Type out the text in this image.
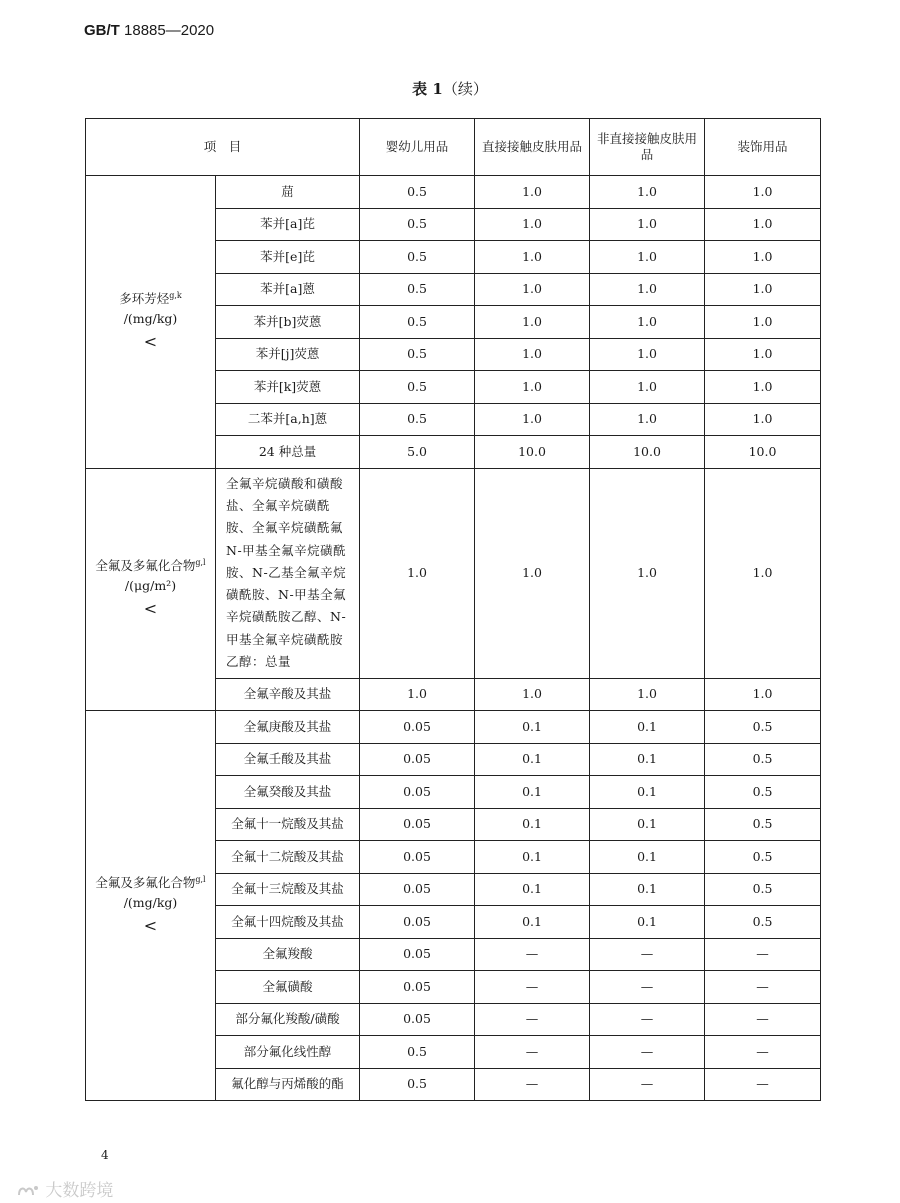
GB/T 18885—2020
表 1（续）
项　目		婴幼儿用品	直接接触皮肤用品	非直接接触皮肤用品	装饰用品
多环芳烃$^{g,k}$
/(mg/kg)
<	䓛	0.5	1.0	1.0	1.0
	苯并[a]芘	0.5	1.0	1.0	1.0
	苯并[e]芘	0.5	1.0	1.0	1.0
	苯并[a]蒽	0.5	1.0	1.0	1.0
	苯并[b]荧蒽	0.5	1.0	1.0	1.0
	苯并[j]荧蒽	0.5	1.0	1.0	1.0
	苯并[k]荧蒽	0.5	1.0	1.0	1.0
	二苯并[a,h]蒽	0.5	1.0	1.0	1.0
	24 种总量	5.0	10.0	10.0	10.0
全氟及多氟化合物$^{g,l}$
/(μg/m²)
<	全氟辛烷磺酸和磺酸盐、全氟辛烷磺酰胺、全氟辛烷磺酰氟N-甲基全氟辛烷磺酰胺、N-乙基全氟辛烷磺酰胺、N-甲基全氟辛烷磺酰胺乙醇、N-甲基全氟辛烷磺酰胺乙醇：总量	1.0	1.0	1.0	1.0
	全氟辛酸及其盐	1.0	1.0	1.0	1.0
全氟及多氟化合物$^{g,l}$
/(mg/kg)
<	全氟庚酸及其盐	0.05	0.1	0.1	0.5
	全氟壬酸及其盐	0.05	0.1	0.1	0.5
	全氟癸酸及其盐	0.05	0.1	0.1	0.5
	全氟十一烷酸及其盐	0.05	0.1	0.1	0.5
	全氟十二烷酸及其盐	0.05	0.1	0.1	0.5
	全氟十三烷酸及其盐	0.05	0.1	0.1	0.5
	全氟十四烷酸及其盐	0.05	0.1	0.1	0.5
	全氟羧酸	0.05	—	—	—
	全氟磺酸	0.05	—	—	—
	部分氟化羧酸/磺酸	0.05	—	—	—
	部分氟化线性醇	0.5	—	—	—
	氟化醇与丙烯酸的酯	0.5	—	—	—
4
大数跨境
